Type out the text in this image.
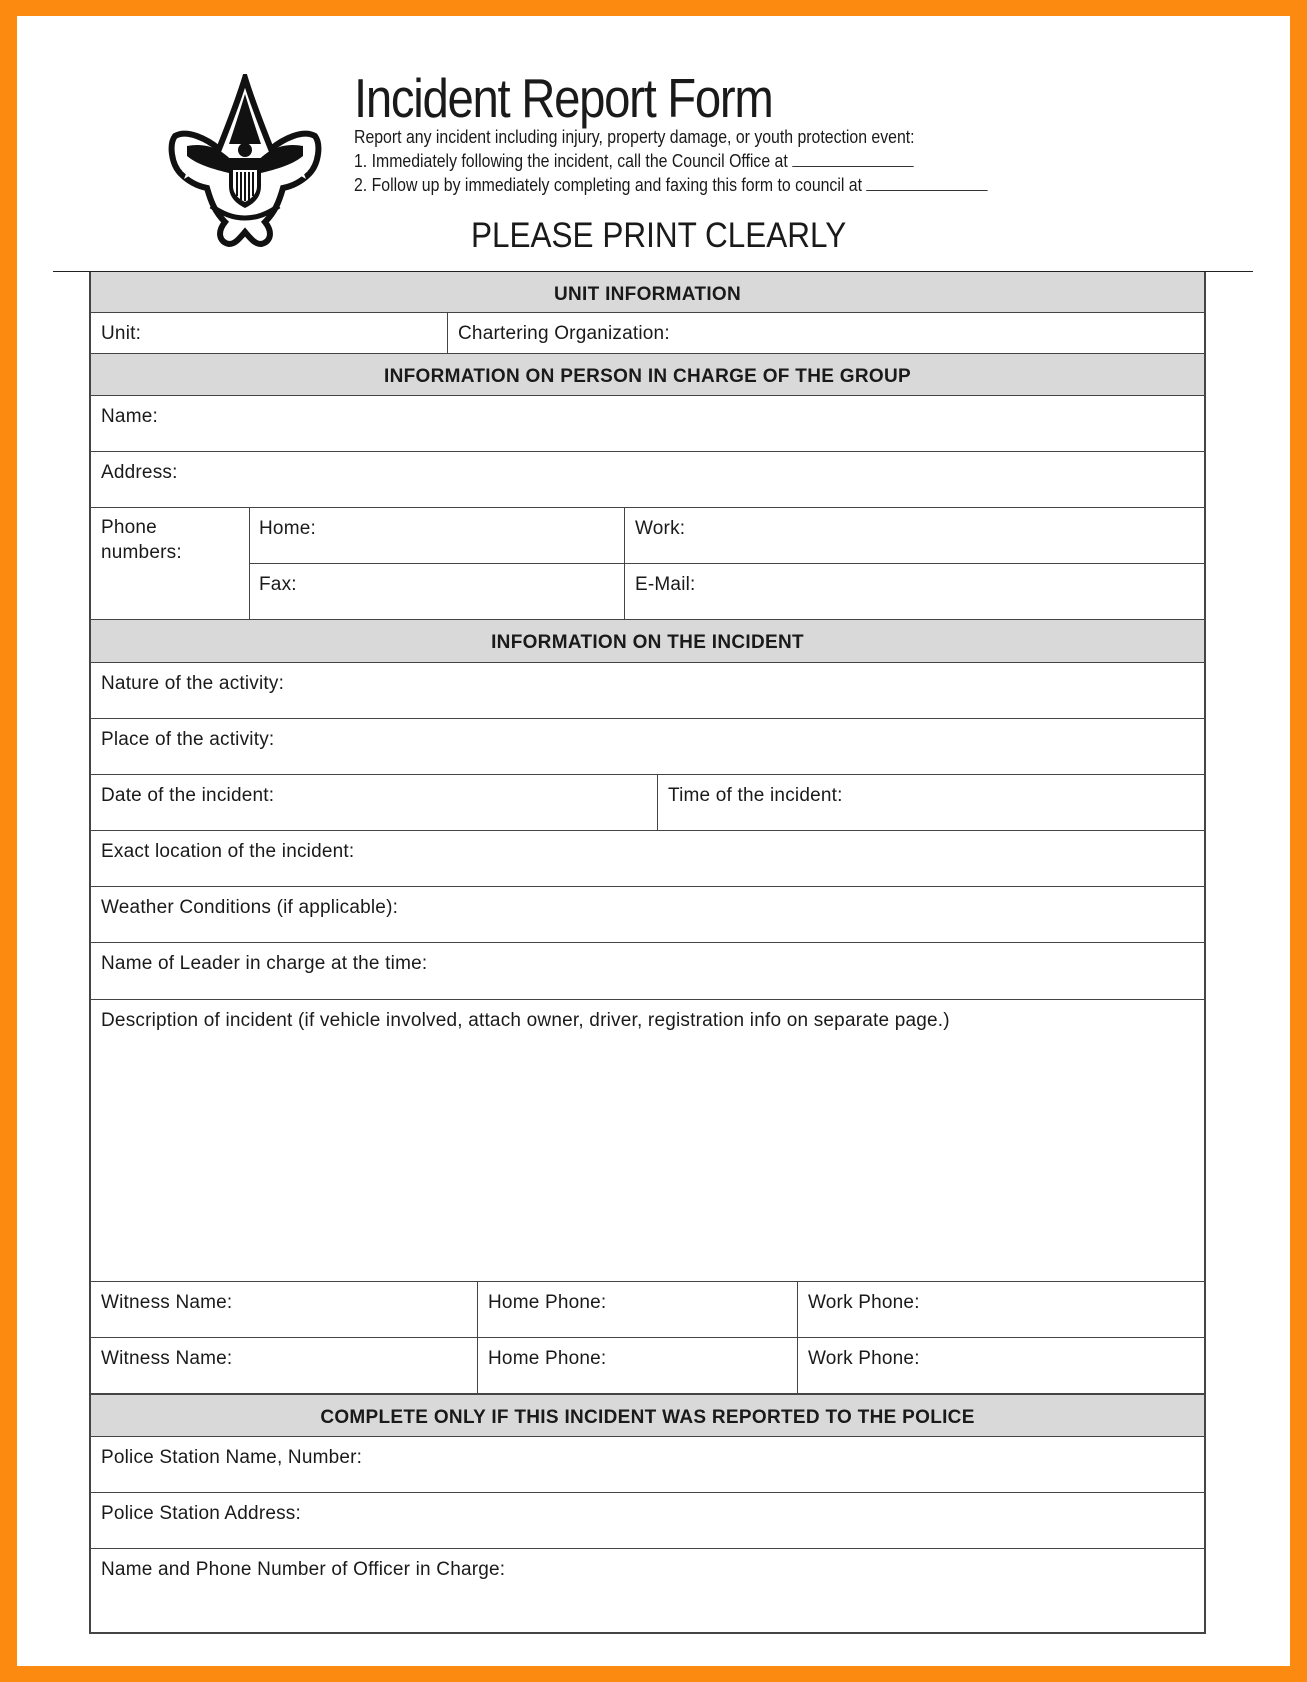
Incident Report Form
Report any incident including injury, property damage, or youth protection event:
1. Immediately following the incident, call the Council Office at
2. Follow up by immediately completing and faxing this form to council at
PLEASE PRINT CLEARLY
UNIT INFORMATION
Unit:	Chartering Organization:
INFORMATION ON PERSON IN CHARGE OF THE GROUP
Name:
Address:
Phone numbers:
Home:	Work:
Fax:	E-Mail:
INFORMATION ON THE INCIDENT
Nature of the activity:
Place of the activity:
Date of the incident:	Time of the incident:
Exact location of the incident:
Weather Conditions (if applicable):
Name of Leader in charge at the time:
Description of incident (if vehicle involved, attach owner, driver, registration info on separate page.)
Witness Name:	Home Phone:	Work Phone:
Witness Name:	Home Phone:	Work Phone:
COMPLETE ONLY IF THIS INCIDENT WAS REPORTED TO THE POLICE
Police Station Name, Number:
Police Station Address:
Name and Phone Number of Officer in Charge:
